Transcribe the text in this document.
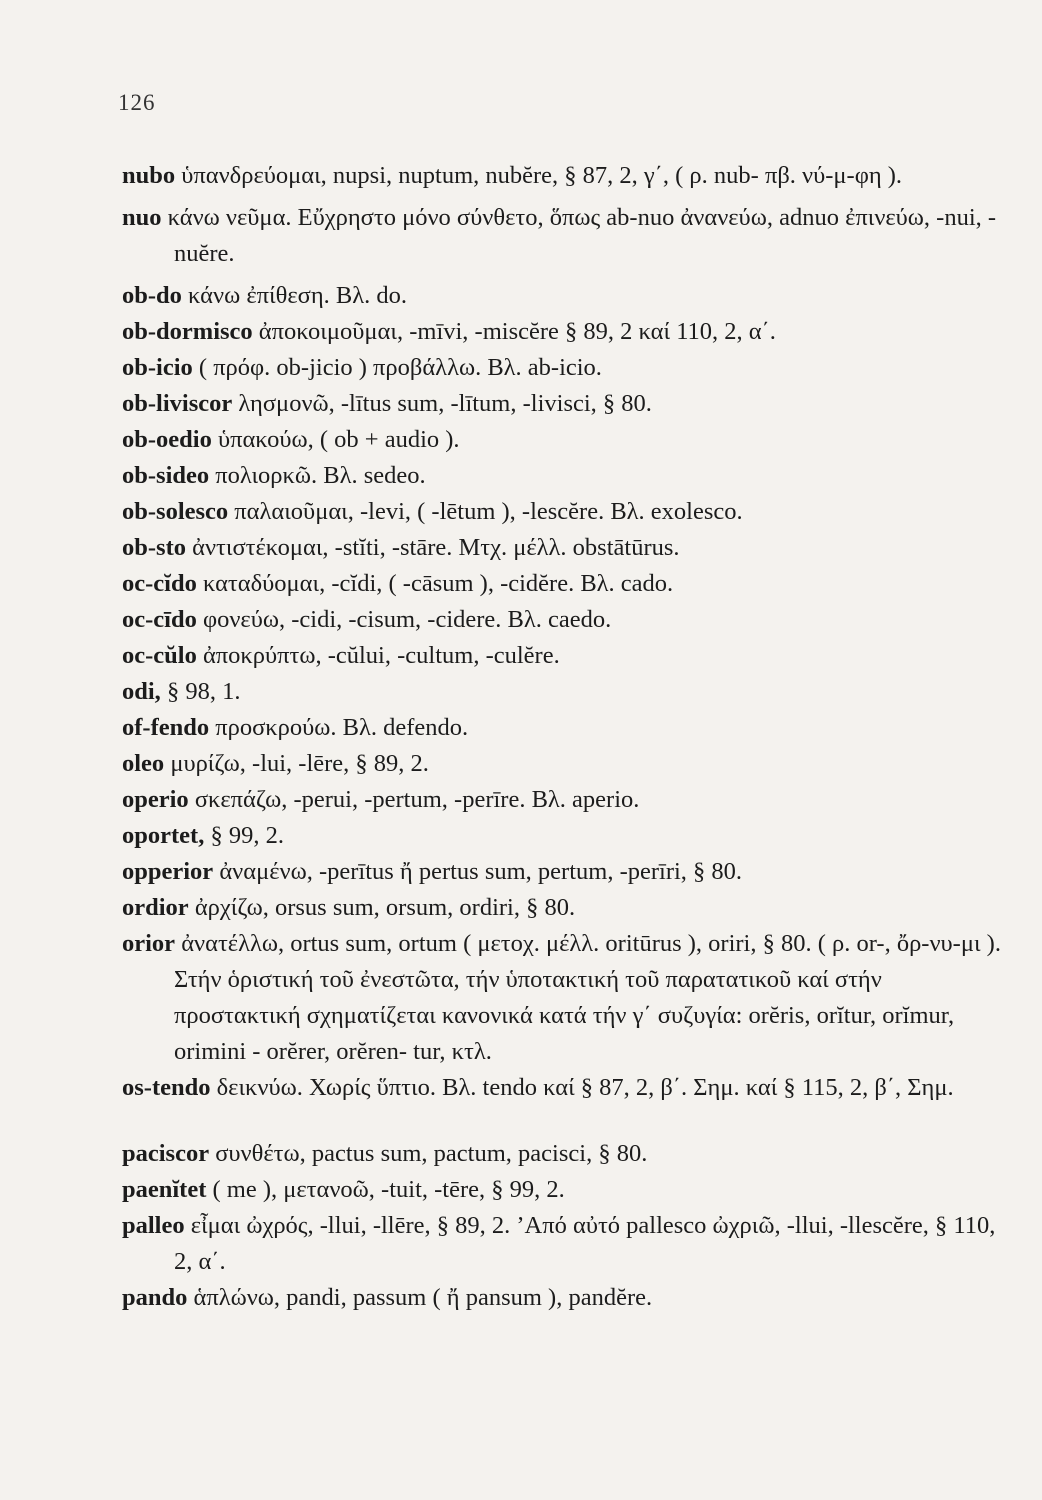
126
nubo ὑπανδρεύομαι, nupsi, nuptum, nubĕre, § 87, 2, γ΄, ( ρ. nub- πβ. νύ-μ-φη ).
nuo κάνω νεῦμα. Εὔχρηστο μόνο σύνθετο, ὅπως ab-nuo ἀνανεύω, adnuo ἐπινεύω, -nui, -nuĕre.
ob-do κάνω ἐπίθεση. Βλ. do.
ob-dormisco ἀποκοιμοῦμαι, -mīvi, -miscĕre § 89, 2 καί 110, 2, α΄.
ob-icio ( πρόφ. ob-jicio ) προβάλλω. Βλ. ab-icio.
ob-liviscor λησμονῶ, -lītus sum, -lītum, -livisci, § 80.
ob-oedio ὑπακούω, ( ob + audio ).
ob-sideo πολιορκῶ. Βλ. sedeo.
ob-solesco παλαιοῦμαι, -levi, ( -lētum ), -lescĕre. Βλ. exolesco.
ob-sto ἀντιστέκομαι, -stĭti, -stāre. Μτχ. μέλλ. obstātūrus.
oc-cĭdo καταδύομαι, -cĭdi, ( -cāsum ), -cidĕre. Βλ. cado.
oc-cīdo φονεύω, -cidi, -cisum, -cidere. Βλ. caedo.
oc-cŭlo ἀποκρύπτω, -cŭlui, -cultum, -culĕre.
odi, § 98, 1.
of-fendo προσκρούω. Βλ. defendo.
oleo μυρίζω, -lui, -lēre, § 89, 2.
operio σκεπάζω, -perui, -pertum, -perīre. Βλ. aperio.
oportet, § 99, 2.
opperior ἀναμένω, -perītus ἤ pertus sum, pertum, -perīri, § 80.
ordior ἀρχίζω, orsus sum, orsum, ordiri, § 80.
orior ἀνατέλλω, ortus sum, ortum ( μετοχ. μέλλ. oritūrus ), oriri, § 80. ( ρ. or-, ὄρ-νυ-μι ). Στήν ὁριστική τοῦ ἐνεστῶτα, τήν ὑποτακτική τοῦ παρατατικοῦ καί στήν προστακτική σχηματίζεται κανονικά κατά τήν γ΄ συζυγία: orĕris, orĭtur, orĭmur, orimini - orĕrer, orĕren- tur, κτλ.
os-tendo δεικνύω. Χωρίς ὕπτιο. Βλ. tendo καί § 87, 2, β΄. Σημ. καί § 115, 2, β΄, Σημ.
paciscor συνθέτω, pactus sum, pactum, pacisci, § 80.
paenĭtet ( me ), μετανοῶ, -tuit, -tēre, § 99, 2.
palleo εἶμαι ὠχρός, -llui, -llēre, § 89, 2. ’Από αὐτό pallesco ὠχριῶ, -llui, -llescĕre, § 110, 2, α΄.
pando ἁπλώνω, pandi, passum ( ἤ pansum ), pandĕre.
